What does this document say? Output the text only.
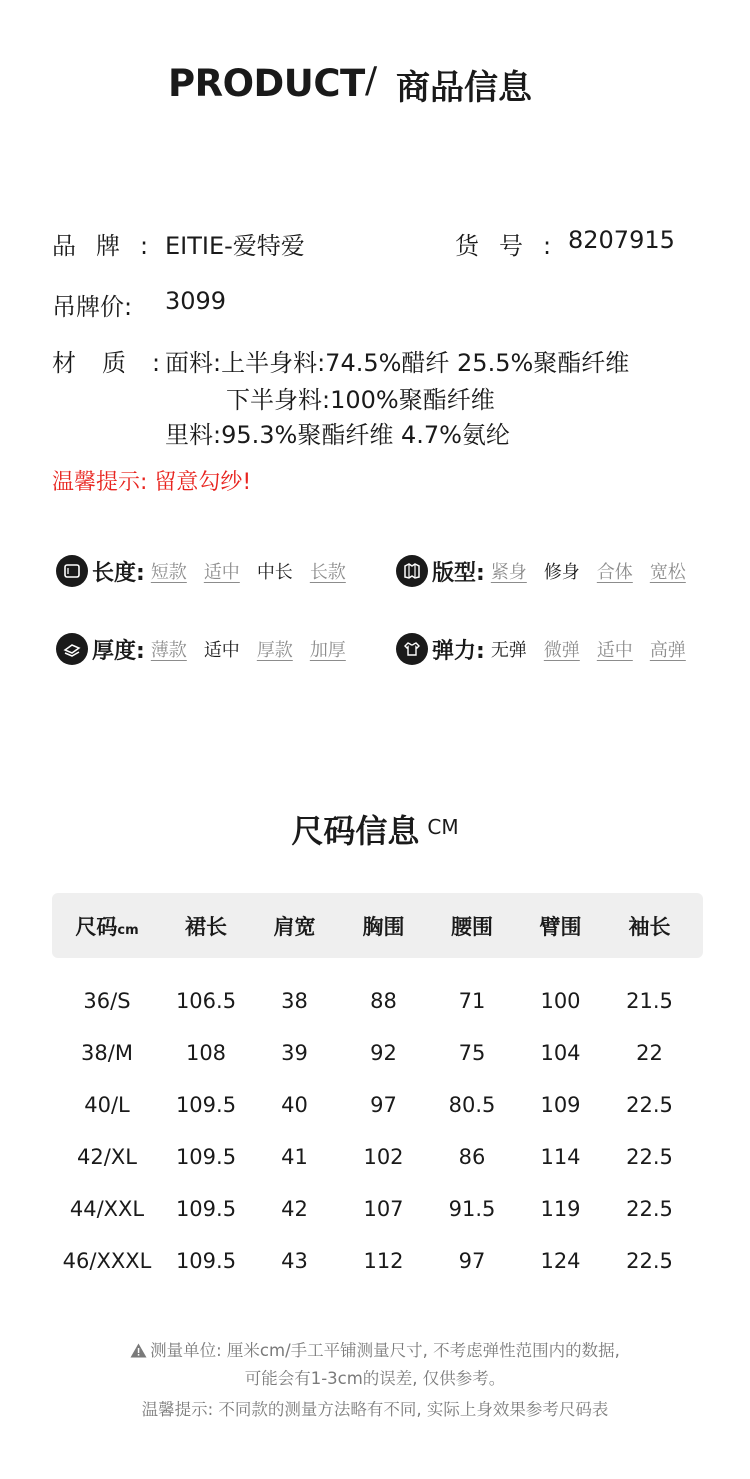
PRODUCT / 商品信息
品牌:
EITIE-爱特爱	货号:
8207915
吊牌价: 3099
材质:
面料:上半身料:74.5%醋纤 25.5%聚酯纤维
下半身料:100%聚酯纤维
里料:95.3%聚酯纤维 4.7%氨纶
温馨提示: 留意勾纱!
长度: 短款 适中 中长 长款	版型: 紧身 修身 合体 宽松
厚度: 薄款 适中 厚款 加厚	弹力: 无弹 微弹 适中 高弹
尺码信息 CM
尺码cm	裙长	肩宽	胸围	腰围	臂围	袖长
36/S	106.5	38	88	71	100	21.5
38/M	108	39	92	75	104	22
40/L	109.5	40	97	80.5	109	22.5
42/XL	109.5	41	102	86	114	22.5
44/XXL	109.5	42	107	91.5	119	22.5
46/XXXL	109.5	43	112	97	124	22.5
测量单位: 厘米cm/手工平铺测量尺寸, 不考虑弹性范围内的数据,
可能会有1-3cm的误差, 仅供参考。
温馨提示: 不同款的测量方法略有不同, 实际上身效果参考尺码表
